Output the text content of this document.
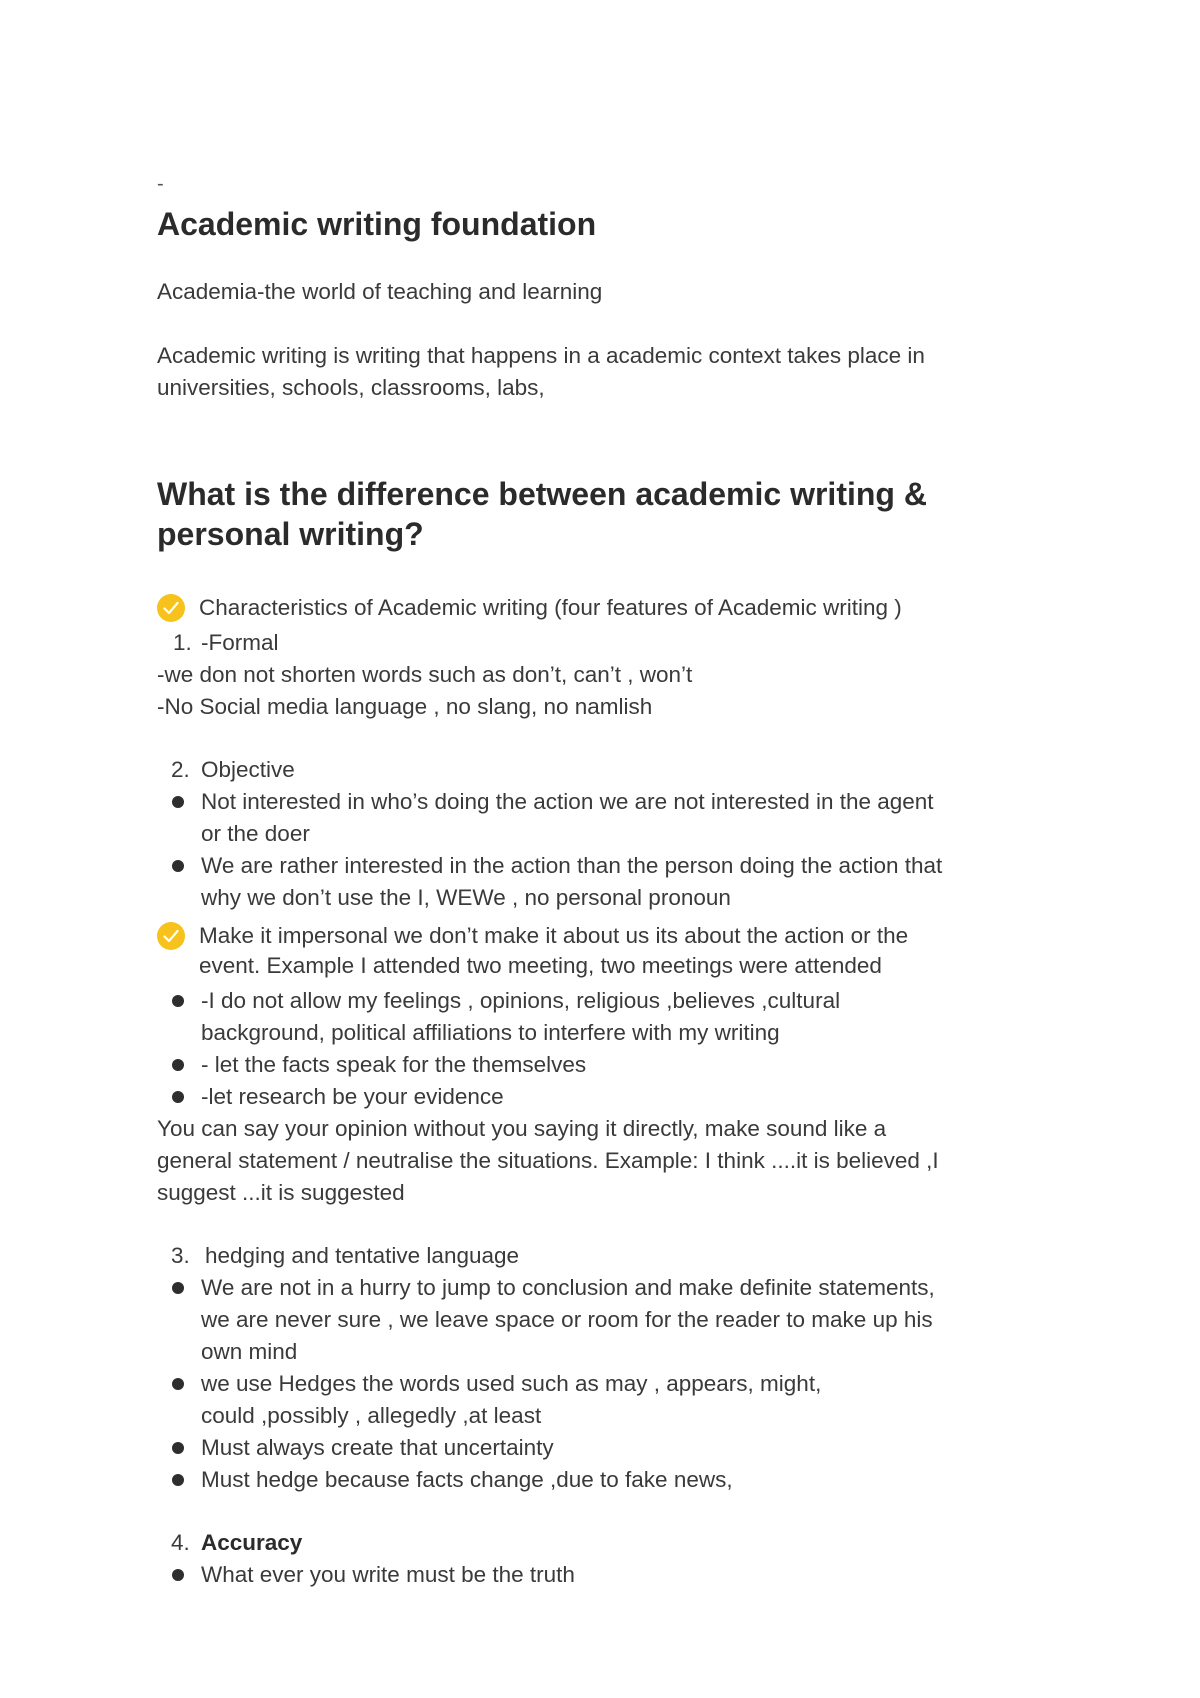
-
Academic writing foundation
Academia-the world of teaching and learning
Academic writing is writing that happens in a academic context takes place in
universities, schools, classrooms, labs,
What is the difference between academic writing &
personal writing?
Characteristics of Academic writing (four features of Academic writing )
1. -Formal
-we don not shorten words such as don’t, can’t , won’t
-No Social media language , no slang, no namlish
2. Objective
Not interested in who’s doing the action we are not interested in the agent
or the doer
We are rather interested in the action than the person doing the action that
why we don’t use the I, WEWe , no personal pronoun
Make it impersonal we don’t make it about us its about the action or the
event. Example I attended two meeting, two meetings were attended
-I do not allow my feelings , opinions, religious ,believes ,cultural
background, political affiliations to interfere with my writing
- let the facts speak for the themselves
-let research be your evidence
You can say your opinion without you saying it directly, make sound like a
general statement / neutralise the situations. Example: I think ....it is believed ,I
suggest ...it is suggested
3. hedging and tentative language
We are not in a hurry to jump to conclusion and make definite statements,
we are never sure , we leave space or room for the reader to make up his
own mind
we use Hedges the words used such as may , appears, might,
could ,possibly , allegedly ,at least
Must always create that uncertainty
Must hedge because facts change ,due to fake news,
4. Accuracy
What ever you write must be the truth
